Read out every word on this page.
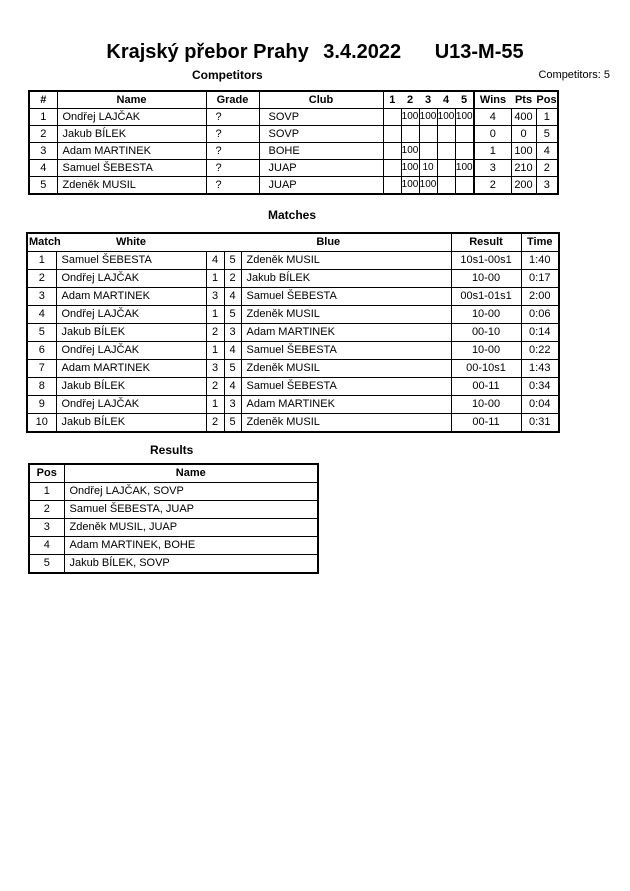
Krajský přebor Prahy 3.4.2022 U13-M-55
Competitors	Competitors: 5
#	Name	Grade	Club	1	2	3	4	5	Wins	Pts	Pos
1	Ondřej LAJČAK	?	SOVP		100	100	100	100	4	400	1
2	Jakub BÍLEK	?	SOVP						0	0	5
3	Adam MARTINEK	?	BOHE		100				1	100	4
4	Samuel ŠEBESTA	?	JUAP		100	10		100	3	210	2
5	Zdeněk MUSIL	?	JUAP		100	100			2	200	3
Matches
Match	White	Blue			Result	Time
1	Samuel ŠEBESTA	4	5	Zdeněk MUSIL	10s1-00s1	1:40
2	Ondřej LAJČAK	1	2	Jakub BÍLEK	10-00	0:17
3	Adam MARTINEK	3	4	Samuel ŠEBESTA	00s1-01s1	2:00
4	Ondřej LAJČAK	1	5	Zdeněk MUSIL	10-00	0:06
5	Jakub BÍLEK	2	3	Adam MARTINEK	00-10	0:14
6	Ondřej LAJČAK	1	4	Samuel ŠEBESTA	10-00	0:22
7	Adam MARTINEK	3	5	Zdeněk MUSIL	00-10s1	1:43
8	Jakub BÍLEK	2	4	Samuel ŠEBESTA	00-11	0:34
9	Ondřej LAJČAK	1	3	Adam MARTINEK	10-00	0:04
10	Jakub BÍLEK	2	5	Zdeněk MUSIL	00-11	0:31
Results
Pos	Name
1	Ondřej LAJČAK, SOVP
2	Samuel ŠEBESTA, JUAP
3	Zdeněk MUSIL, JUAP
4	Adam MARTINEK, BOHE
5	Jakub BÍLEK, SOVP
